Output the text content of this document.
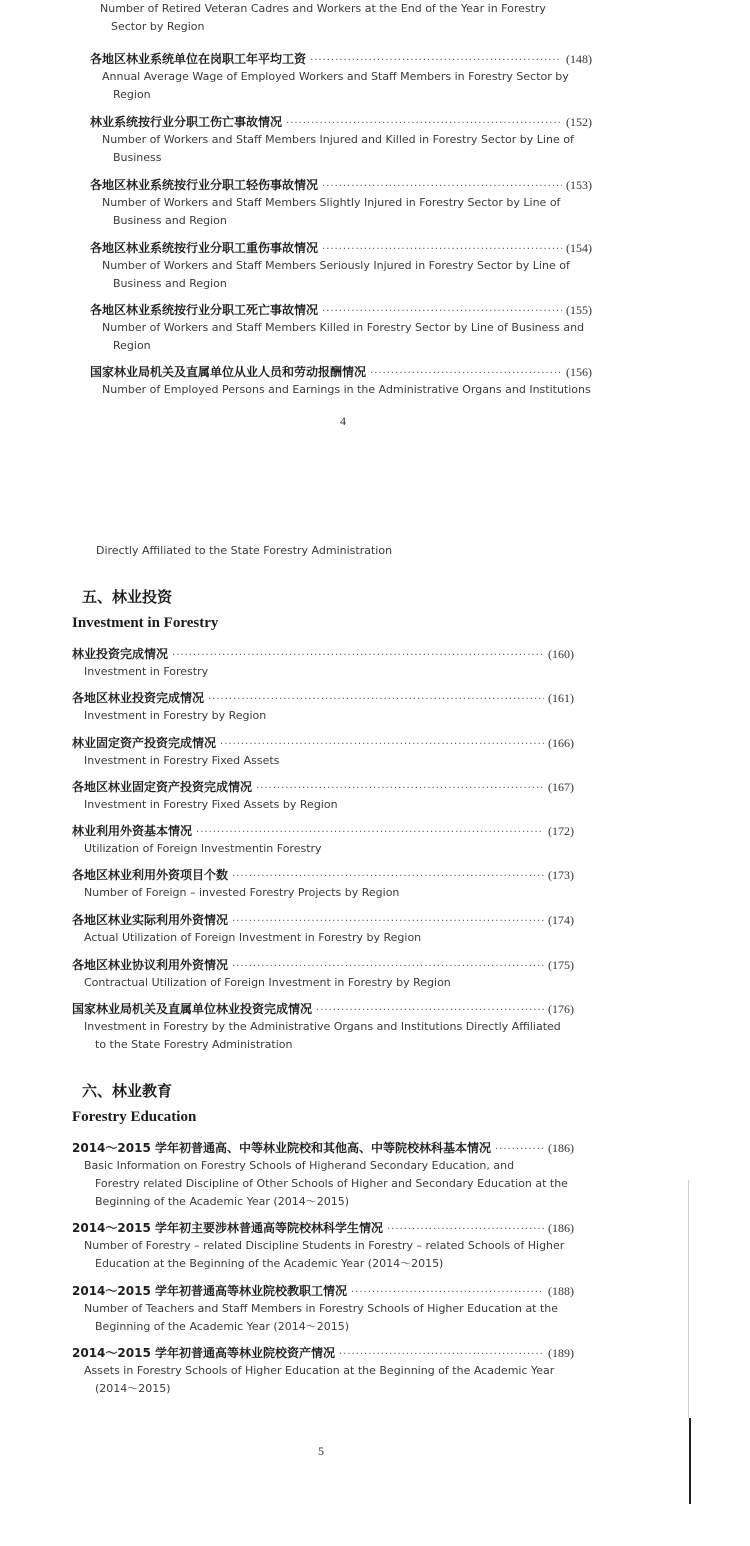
Number of Retired Veteran Cadres and Workers at the End of the Year in Forestry
Sector by Region
各地区林业系统单位在岗职工年平均工资 ·····	(148)
Annual Average Wage of Employed Workers and Staff Members in Forestry Sector by
Region
林业系统按行业分职工伤亡事故情况 ·····	(152)
Number of Workers and Staff Members Injured and Killed in Forestry Sector by Line of
Business
各地区林业系统按行业分职工轻伤事故情况 ·····	(153)
Number of Workers and Staff Members Slightly Injured in Forestry Sector by Line of
Business and Region
各地区林业系统按行业分职工重伤事故情况 ·····	(154)
Number of Workers and Staff Members Seriously Injured in Forestry Sector by Line of
Business and Region
各地区林业系统按行业分职工死亡事故情况 ·····	(155)
Number of Workers and Staff Members Killed in Forestry Sector by Line of Business and
Region
国家林业局机关及直属单位从业人员和劳动报酬情况 ·····	(156)
Number of Employed Persons and Earnings in the Administrative Organs and Institutions
4
Directly Affiliated to the State Forestry Administration
五、林业投资
Investment in Forestry
林业投资完成情况 ·····	(160)
Investment in Forestry
各地区林业投资完成情况 ·····	(161)
Investment in Forestry by Region
林业固定资产投资完成情况 ·····	(166)
Investment in Forestry Fixed Assets
各地区林业固定资产投资完成情况 ·····	(167)
Investment in Forestry Fixed Assets by Region
林业利用外资基本情况 ·····	(172)
Utilization of Foreign Investmentin Forestry
各地区林业利用外资项目个数 ·····	(173)
Number of Foreign – invested Forestry Projects by Region
各地区林业实际利用外资情况 ·····	(174)
Actual Utilization of Foreign Investment in Forestry by Region
各地区林业协议利用外资情况 ·····	(175)
Contractual Utilization of Foreign Investment in Forestry by Region
国家林业局机关及直属单位林业投资完成情况 ·····	(176)
Investment in Forestry by the Administrative Organs and Institutions Directly Affiliated
to the State Forestry Administration
六、林业教育
Forestry Education
2014～2015 学年初普通高、中等林业院校和其他高、中等院校林科基本情况 ·····	(186)
Basic Information on Forestry Schools of Higherand Secondary Education, and
Forestry related Discipline of Other Schools of Higher and Secondary Education at the
Beginning of the Academic Year (2014～2015)
2014～2015 学年初主要涉林普通高等院校林科学生情况 ·····	(186)
Number of Forestry – related Discipline Students in Forestry – related Schools of Higher
Education at the Beginning of the Academic Year (2014～2015)
2014～2015 学年初普通高等林业院校教职工情况 ·····	(188)
Number of Teachers and Staff Members in Forestry Schools of Higher Education at the
Beginning of the Academic Year (2014～2015)
2014～2015 学年初普通高等林业院校资产情况 ·····	(189)
Assets in Forestry Schools of Higher Education at the Beginning of the Academic Year
(2014～2015)
5
